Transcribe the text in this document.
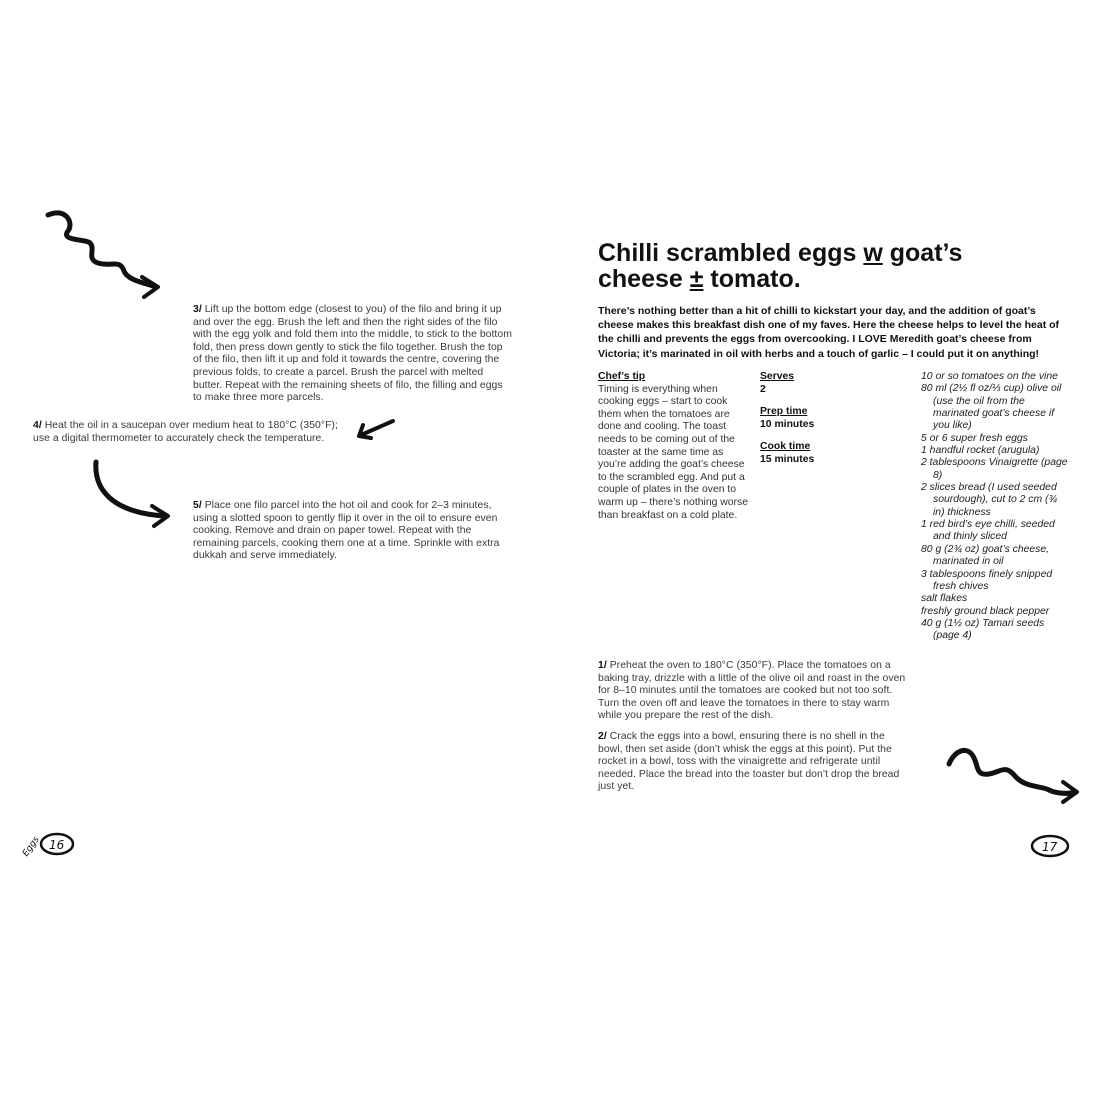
3/ Lift up the bottom edge (closest to you) of the filo and bring it up and over the egg. Brush the left and then the right sides of the filo with the egg yolk and fold them into the middle, to stick to the bottom fold, then press down gently to stick the filo together. Brush the top of the filo, then lift it up and fold it towards the centre, covering the previous folds, to create a parcel. Brush the parcel with melted butter. Repeat with the remaining sheets of filo, the filling and eggs to make three more parcels.
4/ Heat the oil in a saucepan over medium heat to 180°C (350°F); use a digital thermometer to accurately check the temperature.
5/ Place one filo parcel into the hot oil and cook for 2–3 minutes, using a slotted spoon to gently flip it over in the oil to ensure even cooking. Remove and drain on paper towel. Repeat with the remaining parcels, cooking them one at a time. Sprinkle with extra dukkah and serve immediately.
Eggs 16

Chilli scrambled eggs w goat’s
cheese ± tomato.

There’s nothing better than a hit of chilli to kickstart your day, and the addition of goat’s cheese makes this breakfast dish one of my faves. Here the cheese helps to level the heat of the chilli and prevents the eggs from overcooking. I LOVE Meredith goat’s cheese from Victoria; it’s marinated in oil with herbs and a touch of garlic – I could put it on anything!
Chef’s tip
Timing is everything when cooking eggs – start to cook them when the tomatoes are done and cooling. The toast needs to be coming out of the toaster at the same time as you’re adding the goat’s cheese to the scrambled egg. And put a couple of plates in the oven to warm up – there’s nothing worse than breakfast on a cold plate.
Serves
2
Prep time
10 minutes
Cook time
15 minutes
10 or so tomatoes on the vine
80 ml (2½ fl oz/⅓ cup) olive oil (use the oil from the marinated goat’s cheese if you like)
5 or 6 super fresh eggs
1 handful rocket (arugula)
2 tablespoons Vinaigrette (page 8)
2 slices bread (I used seeded sourdough), cut to 2 cm (¾ in) thickness
1 red bird’s eye chilli, seeded and thinly sliced
80 g (2¾ oz) goat’s cheese, marinated in oil
3 tablespoons finely snipped fresh chives
salt flakes
freshly ground black pepper
40 g (1½ oz) Tamari seeds (page 4)
1/ Preheat the oven to 180°C (350°F). Place the tomatoes on a baking tray, drizzle with a little of the olive oil and roast in the oven for 8–10 minutes until the tomatoes are cooked but not too soft. Turn the oven off and leave the tomatoes in there to stay warm while you prepare the rest of the dish.
2/ Crack the eggs into a bowl, ensuring there is no shell in the bowl, then set aside (don’t whisk the eggs at this point). Put the rocket in a bowl, toss with the vinaigrette and refrigerate until needed. Place the bread into the toaster but don’t drop the bread just yet.
17
